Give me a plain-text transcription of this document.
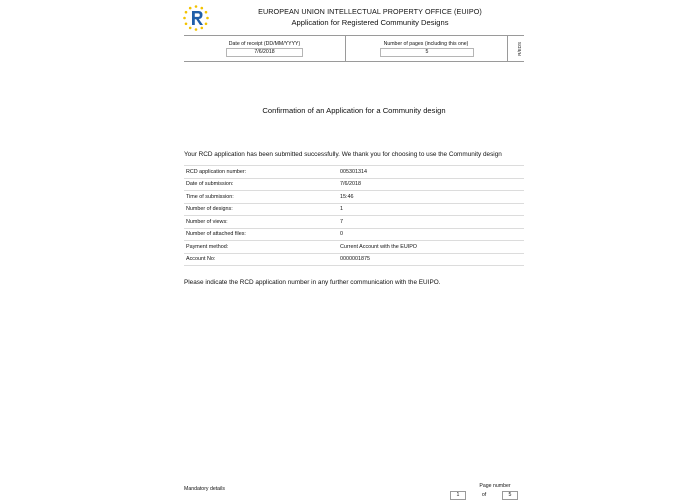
EUROPEAN UNION INTELLECTUAL PROPERTY OFFICE (EUIPO)
Application for Registered Community Designs
Date of receipt (DD/MM/YYYY)
7/6/2018
Number of pages (including this one)
5	R/EDS
Confirmation of an Application for a Community design
Your RCD application has been submitted successfully. We thank you for choosing to use the Community design
RCD application number:	005301314
Date of submission:	7/6/2018
Time of submission:	15:46
Number of designs:	1
Number of views:	7
Number of attached files:	0
Payment method:	Current Account with the EUIPO
Account No:	0000001875
Please indicate the RCD application number in any further communication with the EUIPO.
Mandatory details	Page number
1	of	5
